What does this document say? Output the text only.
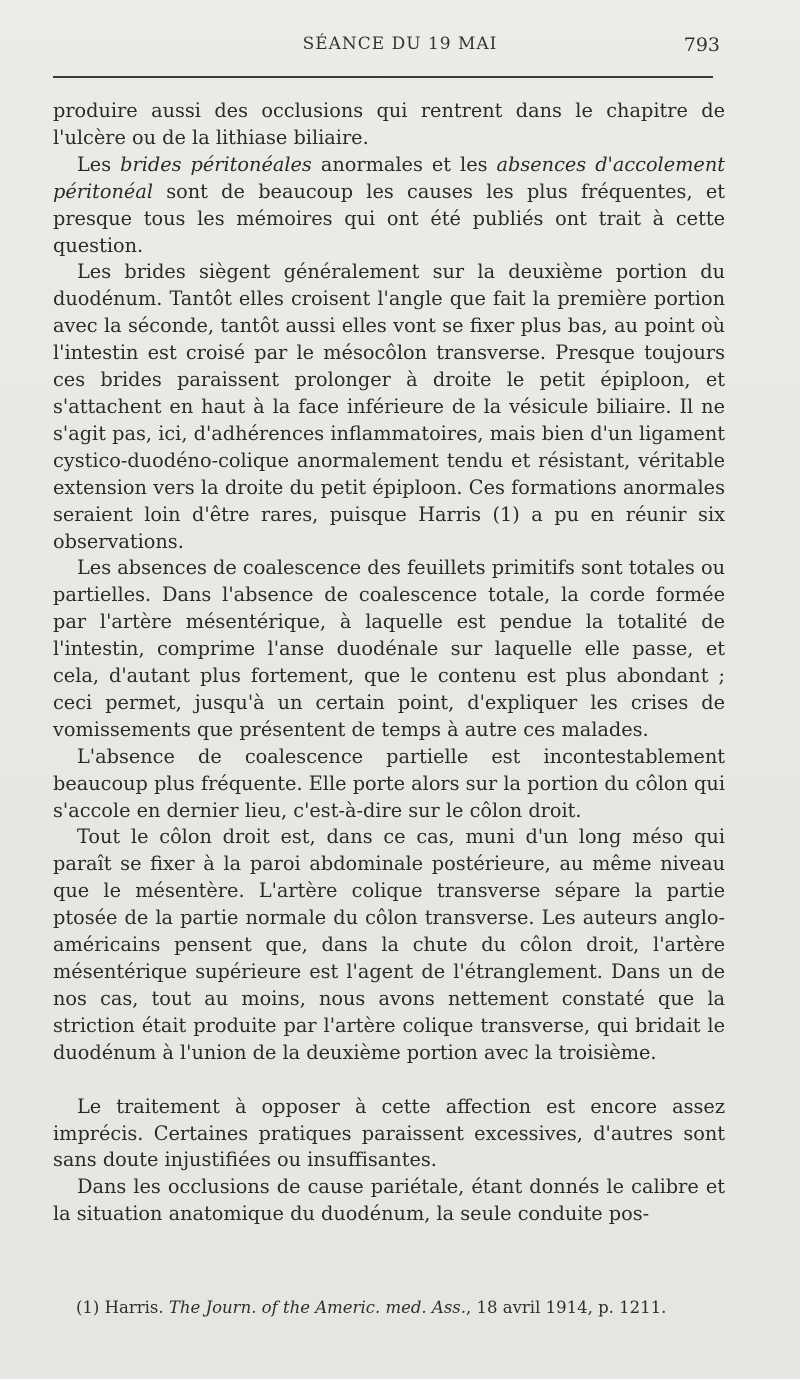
SÉANCE DU 19 MAI	793

produire aussi des occlusions qui rentrent dans le chapitre de l'ulcère ou de la lithiase biliaire.

Les brides péritonéales anormales et les absences d'accolement péritonéal sont de beaucoup les causes les plus fréquentes, et presque tous les mémoires qui ont été publiés ont trait à cette question.

Les brides siègent généralement sur la deuxième portion du duodénum. Tantôt elles croisent l'angle que fait la première portion avec la séconde, tantôt aussi elles vont se fixer plus bas, au point où l'intestin est croisé par le mésocôlon transverse. Presque toujours ces brides paraissent prolonger à droite le petit épiploon, et s'attachent en haut à la face inférieure de la vésicule biliaire. Il ne s'agit pas, ici, d'adhérences inflammatoires, mais bien d'un ligament cystico-duodéno-colique anormalement tendu et résistant, véritable extension vers la droite du petit épiploon. Ces formations anormales seraient loin d'être rares, puisque Harris (1) a pu en réunir six observations.

Les absences de coalescence des feuillets primitifs sont totales ou partielles. Dans l'absence de coalescence totale, la corde formée par l'artère mésentérique, à laquelle est pendue la totalité de l'intestin, comprime l'anse duodénale sur laquelle elle passe, et cela, d'autant plus fortement, que le contenu est plus abondant ; ceci permet, jusqu'à un certain point, d'expliquer les crises de vomissements que présentent de temps à autre ces malades.

L'absence de coalescence partielle est incontestablement beaucoup plus fréquente. Elle porte alors sur la portion du côlon qui s'accole en dernier lieu, c'est-à-dire sur le côlon droit.

Tout le côlon droit est, dans ce cas, muni d'un long méso qui paraît se fixer à la paroi abdominale postérieure, au même niveau que le mésentère. L'artère colique transverse sépare la partie ptosée de la partie normale du côlon transverse. Les auteurs anglo-américains pensent que, dans la chute du côlon droit, l'artère mésentérique supérieure est l'agent de l'étranglement. Dans un de nos cas, tout au moins, nous avons nettement constaté que la striction était produite par l'artère colique transverse, qui bridait le duodénum à l'union de la deuxième portion avec la troisième.

Le traitement à opposer à cette affection est encore assez imprécis. Certaines pratiques paraissent excessives, d'autres sont sans doute injustifiées ou insuffisantes.

Dans les occlusions de cause pariétale, étant donnés le calibre et la situation anatomique du duodénum, la seule conduite pos-

(1) Harris. The Journ. of the Americ. med. Ass., 18 avril 1914, p. 1211.
